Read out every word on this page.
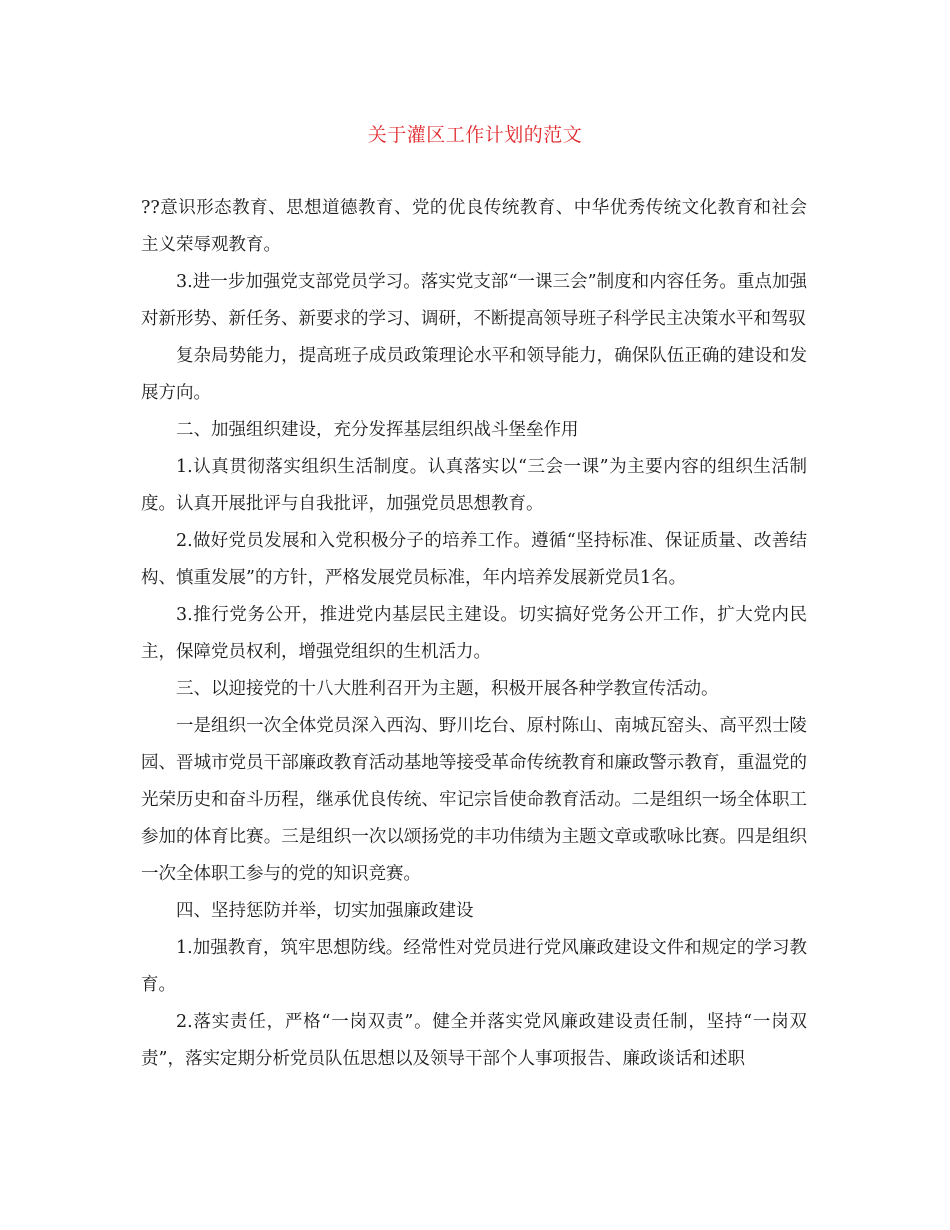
关于灌区工作计划的范文

??意识形态教育、思想道德教育、党的优良传统教育、中华优秀传统文化教育和社会主义荣辱观教育。

3.进一步加强党支部党员学习。落实党支部“一课三会”制度和内容任务。重点加强对新形势、新任务、新要求的学习、调研，不断提高领导班子科学民主决策水平和驾驭

复杂局势能力，提高班子成员政策理论水平和领导能力，确保队伍正确的建设和发展方向。

二、加强组织建设，充分发挥基层组织战斗堡垒作用

1.认真贯彻落实组织生活制度。认真落实以“三会一课”为主要内容的组织生活制度。认真开展批评与自我批评，加强党员思想教育。

2.做好党员发展和入党积极分子的培养工作。遵循“坚持标准、保证质量、改善结构、慎重发展”的方针，严格发展党员标准，年内培养发展新党员1名。

3.推行党务公开，推进党内基层民主建设。切实搞好党务公开工作，扩大党内民主，保障党员权利，增强党组织的生机活力。

三、以迎接党的十八大胜利召开为主题，积极开展各种学教宣传活动。

一是组织一次全体党员深入西沟、野川圪台、原村陈山、南城瓦窑头、高平烈士陵园、晋城市党员干部廉政教育活动基地等接受革命传统教育和廉政警示教育，重温党的光荣历史和奋斗历程，继承优良传统、牢记宗旨使命教育活动。二是组织一场全体职工参加的体育比赛。三是组织一次以颂扬党的丰功伟绩为主题文章或歌咏比赛。四是组织一次全体职工参与的党的知识竞赛。

四、坚持惩防并举，切实加强廉政建设

1.加强教育，筑牢思想防线。经常性对党员进行党风廉政建设文件和规定的学习教育。

2.落实责任，严格“一岗双责”。健全并落实党风廉政建设责任制，坚持“一岗双责”，落实定期分析党员队伍思想以及领导干部个人事项报告、廉政谈话和述职
